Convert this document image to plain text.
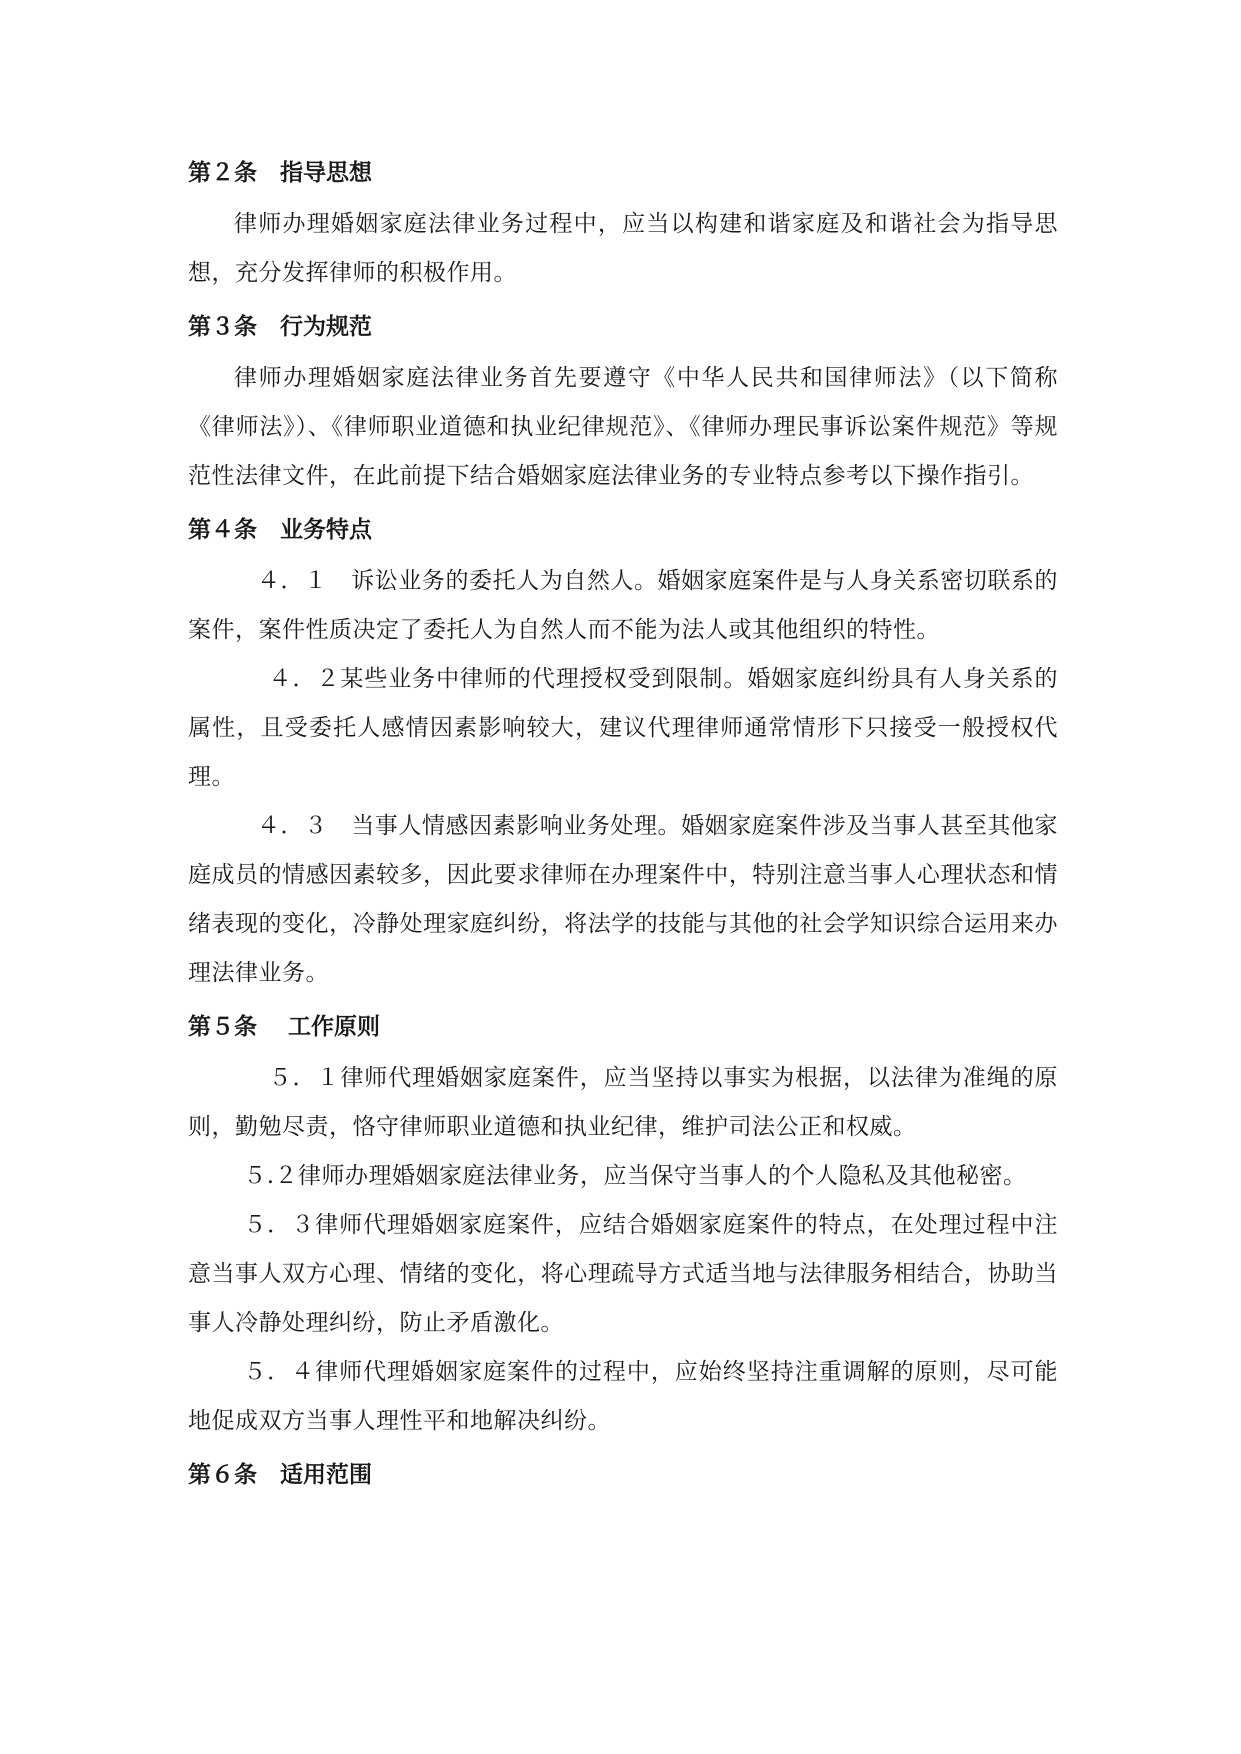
第２条　指导思想

律师办理婚姻家庭法律业务过程中，应当以构建和谐家庭及和谐社会为指导思想，充分发挥律师的积极作用。

第３条　行为规范

律师办理婚姻家庭法律业务首先要遵守《中华人民共和国律师法》（以下简称《律师法》）、《律师职业道德和执业纪律规范》、《律师办理民事诉讼案件规范》等规范性法律文件，在此前提下结合婚姻家庭法律业务的专业特点参考以下操作指引。

第４条　业务特点

４．１　诉讼业务的委托人为自然人。婚姻家庭案件是与人身关系密切联系的案件，案件性质决定了委托人为自然人而不能为法人或其他组织的特性。

４．２某些业务中律师的代理授权受到限制。婚姻家庭纠纷具有人身关系的属性，且受委托人感情因素影响较大，建议代理律师通常情形下只接受一般授权代理。

４．３　当事人情感因素影响业务处理。婚姻家庭案件涉及当事人甚至其他家庭成员的情感因素较多，因此要求律师在办理案件中，特别注意当事人心理状态和情绪表现的变化，冷静处理家庭纠纷，将法学的技能与其他的社会学知识综合运用来办理法律业务。

第５条　 工作原则

５．１律师代理婚姻家庭案件，应当坚持以事实为根据，以法律为准绳的原则，勤勉尽责，恪守律师职业道德和执业纪律，维护司法公正和权威。

５.２律师办理婚姻家庭法律业务，应当保守当事人的个人隐私及其他秘密。

５．３律师代理婚姻家庭案件，应结合婚姻家庭案件的特点，在处理过程中注意当事人双方心理、情绪的变化，将心理疏导方式适当地与法律服务相结合，协助当事人冷静处理纠纷，防止矛盾激化。

５．４律师代理婚姻家庭案件的过程中，应始终坚持注重调解的原则，尽可能地促成双方当事人理性平和地解决纠纷。

第６条　适用范围
